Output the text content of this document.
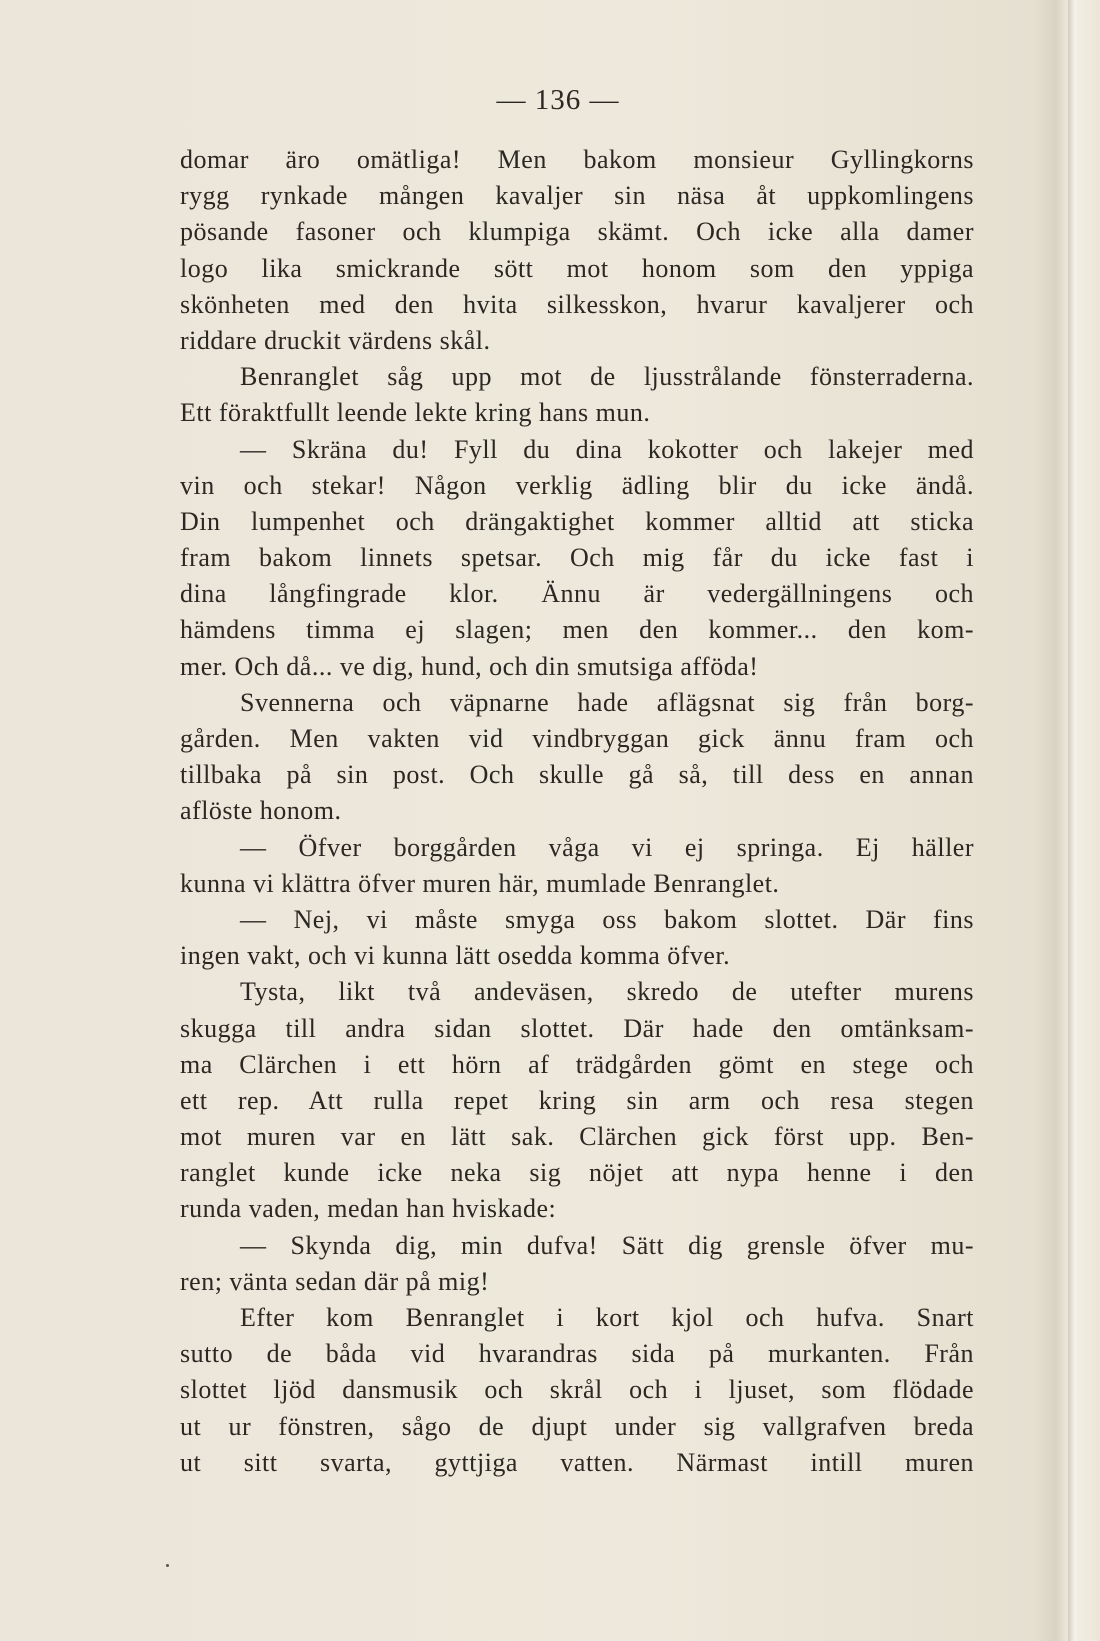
— 136 —
domar äro omätliga! Men bakom monsieur Gyllingkorns
rygg rynkade mången kavaljer sin näsa åt uppkomlingens
pösande fasoner och klumpiga skämt. Och icke alla damer
logo lika smickrande sött mot honom som den yppiga
skönheten med den hvita silkesskon, hvarur kavaljerer och
riddare druckit värdens skål.
Benranglet såg upp mot de ljusstrålande fönsterraderna.
Ett föraktfullt leende lekte kring hans mun.
— Skräna du! Fyll du dina kokotter och lakejer med
vin och stekar! Någon verklig ädling blir du icke ändå.
Din lumpenhet och drängaktighet kommer alltid att sticka
fram bakom linnets spetsar. Och mig får du icke fast i
dina långfingrade klor. Ännu är vedergällningens och
hämdens timma ej slagen; men den kommer... den kom-
mer. Och då... ve dig, hund, och din smutsiga afföda!
Svennerna och väpnarne hade aflägsnat sig från borg-
gården. Men vakten vid vindbryggan gick ännu fram och
tillbaka på sin post. Och skulle gå så, till dess en annan
aflöste honom.
— Öfver borggården våga vi ej springa. Ej häller
kunna vi klättra öfver muren här, mumlade Benranglet.
— Nej, vi måste smyga oss bakom slottet. Där fins
ingen vakt, och vi kunna lätt osedda komma öfver.
Tysta, likt två andeväsen, skredo de utefter murens
skugga till andra sidan slottet. Där hade den omtänksam-
ma Clärchen i ett hörn af trädgården gömt en stege och
ett rep. Att rulla repet kring sin arm och resa stegen
mot muren var en lätt sak. Clärchen gick först upp. Ben-
ranglet kunde icke neka sig nöjet att nypa henne i den
runda vaden, medan han hviskade:
— Skynda dig, min dufva! Sätt dig grensle öfver mu-
ren; vänta sedan där på mig!
Efter kom Benranglet i kort kjol och hufva. Snart
sutto de båda vid hvarandras sida på murkanten. Från
slottet ljöd dansmusik och skrål och i ljuset, som flödade
ut ur fönstren, sågo de djupt under sig vallgrafven breda
ut sitt svarta, gyttjiga vatten. Närmast intill muren
